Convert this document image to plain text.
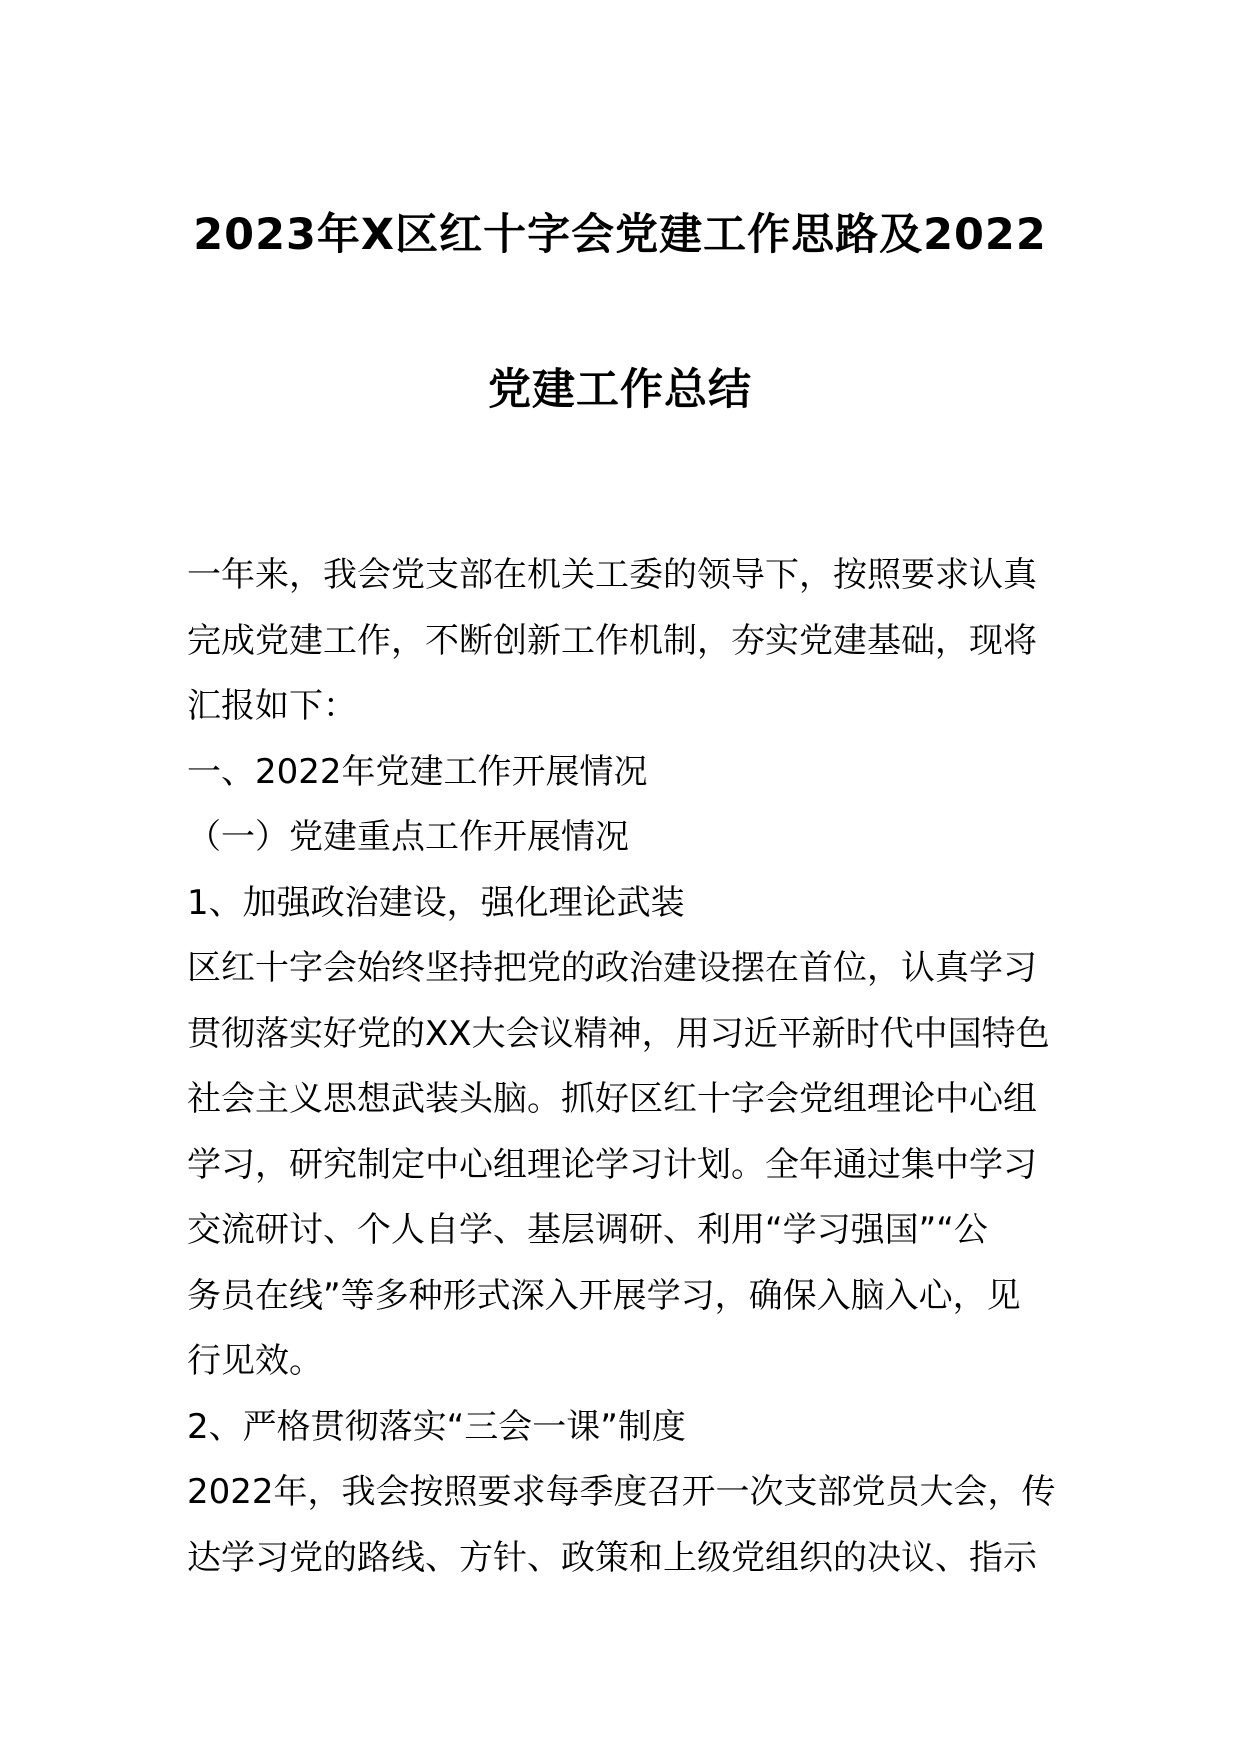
2023年X区红十字会党建工作思路及2022
党建工作总结
一年来，我会党支部在机关工委的领导下，按照要求认真
完成党建工作，不断创新工作机制，夯实党建基础，现将
汇报如下：
一、2022年党建工作开展情况
（一）党建重点工作开展情况
1、加强政治建设，强化理论武装
区红十字会始终坚持把党的政治建设摆在首位，认真学习
贯彻落实好党的XX大会议精神，用习近平新时代中国特色
社会主义思想武装头脑。抓好区红十字会党组理论中心组
学习，研究制定中心组理论学习计划。全年通过集中学习
交流研讨、个人自学、基层调研、利用“学习强国”“公
务员在线”等多种形式深入开展学习，确保入脑入心，见
行见效。
2、严格贯彻落实“三会一课”制度
2022年，我会按照要求每季度召开一次支部党员大会，传
达学习党的路线、方针、政策和上级党组织的决议、指示
